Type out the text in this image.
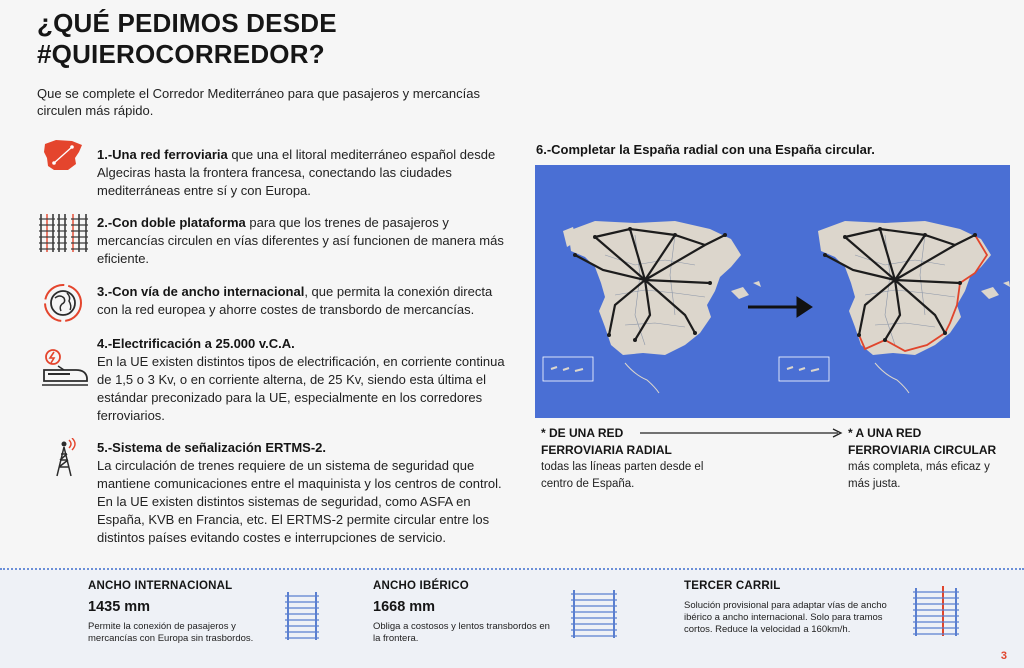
¿QUÉ PEDIMOS DESDE
#QUIEROCORREDOR?
Que se complete el Corredor Mediterráneo para que pasajeros y mercancías circulen más rápido.
1.-Una red ferroviaria que una el litoral mediterráneo español desde Algeciras hasta la frontera francesa, conectando las ciudades mediterráneas entre sí y con Europa.
2.-Con doble plataforma para que los trenes de pasajeros y mercancías circulen en vías diferentes y así funcionen de manera más eficiente.
3.-Con vía de ancho internacional, que permita la conexión directa con la red europea y ahorre costes de transbordo de mercancías.
4.-Electrificación a 25.000 v.C.A.
En la UE existen distintos tipos de electrificación, en corriente continua de 1,5 o 3 Kv, o en corriente alterna, de 25 Kv, siendo esta última el estándar preconizado para la UE, especialmente en los corredores ferroviarios.
5.-Sistema de señalización ERTMS-2.
La circulación de trenes requiere de un sistema de seguridad que mantiene comunicaciones entre el maquinista y los centros de control. En la UE existen distintos sistemas de seguridad, como ASFA en España, KVB en Francia, etc. El ERTMS-2 permite circular entre los distintos países evitando costes e interrupciones de servicio.
6.-Completar la España radial con una España circular.
* DE UNA RED
FERROVIARIA RADIAL
todas las líneas parten desde el
centro de España.
* A UNA RED
FERROVIARIA CIRCULAR
más completa, más eficaz y
más justa.
ANCHO INTERNACIONAL
1435 mm
Permite la conexión de pasajeros y mercancías con Europa sin trasbordos.
ANCHO IBÉRICO
1668 mm
Obliga a costosos y lentos transbordos en la frontera.
TERCER CARRIL
Solución provisional para adaptar vías de ancho ibérico a ancho internacional. Solo para tramos cortos. Reduce la velocidad a 160km/h.
3
